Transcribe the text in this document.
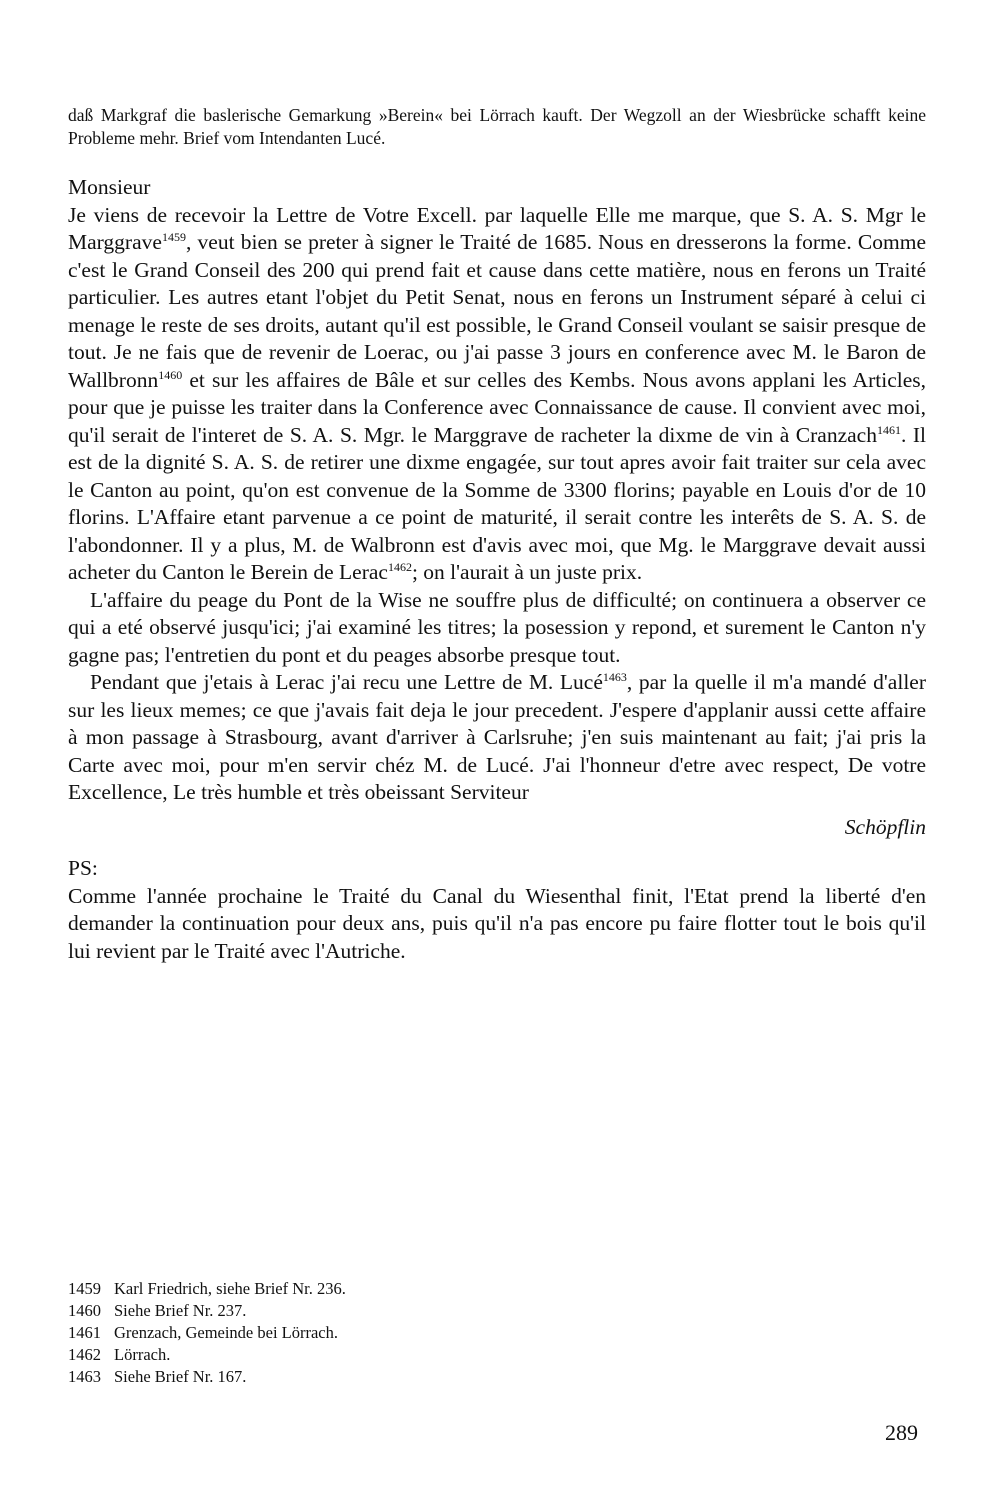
daß Markgraf die baslerische Gemarkung »Berein« bei Lörrach kauft. Der Wegzoll an der Wiesbrücke schafft keine Probleme mehr. Brief vom Intendanten Lucé.
Monsieur

Je viens de recevoir la Lettre de Votre Excell. par laquelle Elle me marque, que S. A. S. Mgr le Marggrave$^{1459}$, veut bien se preter à signer le Traité de 1685. Nous en dresserons la forme. Comme c'est le Grand Conseil des 200 qui prend fait et cause dans cette matière, nous en ferons un Traité particulier. Les autres etant l'objet du Petit Senat, nous en ferons un Instrument séparé à celui ci menage le reste de ses droits, autant qu'il est possible, le Grand Conseil voulant se saisir presque de tout. Je ne fais que de revenir de Loerac, ou j'ai passe 3 jours en conference avec M. le Baron de Wallbronn$^{1460}$ et sur les affaires de Bâle et sur celles des Kembs. Nous avons applani les Articles, pour que je puisse les traiter dans la Conference avec Connaissance de cause. Il convient avec moi, qu'il serait de l'interet de S. A. S. Mgr. le Marggrave de racheter la dixme de vin à Cranzach$^{1461}$. Il est de la dignité S. A. S. de retirer une dixme engagée, sur tout apres avoir fait traiter sur cela avec le Canton au point, qu'on est convenue de la Somme de 3300 florins; payable en Louis d'or de 10 florins. L'Affaire etant parvenue a ce point de maturité, il serait contre les interêts de S. A. S. de l'abondonner. Il y a plus, M. de Walbronn est d'avis avec moi, que Mg. le Marggrave devait aussi acheter du Canton le Berein de Lerac$^{1462}$; on l'aurait à un juste prix.

L'affaire du peage du Pont de la Wise ne souffre plus de difficulté; on continuera a observer ce qui a eté observé jusqu'ici; j'ai examiné les titres; la posession y repond, et surement le Canton n'y gagne pas; l'entretien du pont et du peages absorbe presque tout.

Pendant que j'etais à Lerac j'ai recu une Lettre de M. Lucé$^{1463}$, par la quelle il m'a mandé d'aller sur les lieux memes; ce que j'avais fait deja le jour precedent. J'espere d'applanir aussi cette affaire à mon passage à Strasbourg, avant d'arriver à Carlsruhe; j'en suis maintenant au fait; j'ai pris la Carte avec moi, pour m'en servir chéz M. de Lucé. J'ai l'honneur d'etre avec respect, De votre Excellence, Le très humble et très obeissant Serviteur

Schöpflin
PS:

Comme l'année prochaine le Traité du Canal du Wiesenthal finit, l'Etat prend la liberté d'en demander la continuation pour deux ans, puis qu'il n'a pas encore pu faire flotter tout le bois qu'il lui revient par le Traité avec l'Autriche.

1459 Karl Friedrich, siehe Brief Nr. 236.
1460 Siehe Brief Nr. 237.
1461 Grenzach, Gemeinde bei Lörrach.
1462 Lörrach.
1463 Siehe Brief Nr. 167.
289
